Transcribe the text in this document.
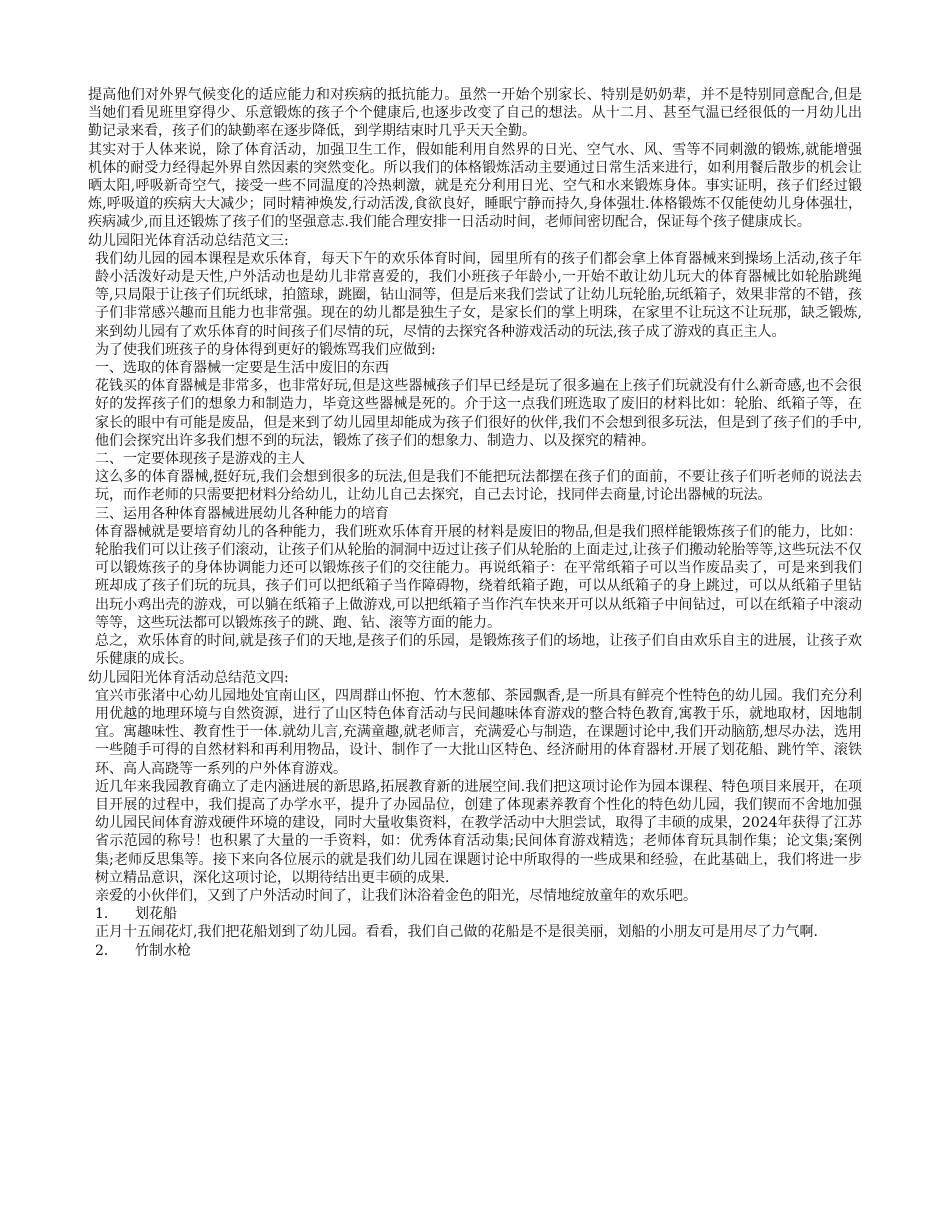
提高他们对外界气候变化的适应能力和对疾病的抵抗能力。虽然一开始个别家长、特别是奶奶辈，并不是特别同意配合,但是当她们看见班里穿得少、乐意锻炼的孩子个个健康后,也逐步改变了自己的想法。从十二月、甚至气温已经很低的一月幼儿出勤记录来看，孩子们的缺勤率在逐步降低，到学期结束时几乎天天全勤。

其实对于人体来说，除了体育活动，加强卫生工作，假如能利用自然界的日光、空气水、风、雪等不同刺激的锻炼,就能增强机体的耐受力经得起外界自然因素的突然变化。所以我们的体格锻炼活动主要通过日常生活来进行，如利用餐后散步的机会让晒太阳,呼吸新奇空气，接受一些不同温度的冷热刺激，就是充分利用日光、空气和水来锻炼身体。事实证明，孩子们经过锻炼,呼吸道的疾病大大减少；同时精神焕发,行动活泼,食欲良好，睡眠宁静而持久,身体强壮.体格锻炼不仅能使幼儿身体强壮，疾病减少,而且还锻炼了孩子们的坚强意志.我们能合理安排一日活动时间，老师间密切配合，保证每个孩子健康成长。

幼儿园阳光体育活动总结范文三:

我们幼儿园的园本课程是欢乐体育，每天下午的欢乐体育时间，园里所有的孩子们都会拿上体育器械来到操场上活动,孩子年龄小活泼好动是天性,户外活动也是幼儿非常喜爱的，我们小班孩子年龄小,一开始不敢让幼儿玩大的体育器械比如轮胎跳绳等,只局限于让孩子们玩纸球，拍篮球，跳圈，钻山洞等，但是后来我们尝试了让幼儿玩轮胎,玩纸箱子，效果非常的不错，孩子们非常感兴趣而且能力也非常强。现在的幼儿都是独生子女，是家长们的掌上明珠，在家里不让玩这不让玩那，缺乏锻炼,来到幼儿园有了欢乐体育的时间孩子们尽情的玩，尽情的去探究各种游戏活动的玩法,孩子成了游戏的真正主人。

为了使我们班孩子的身体得到更好的锻炼骂我们应做到:

一、选取的体育器械一定要是生活中废旧的东西

花钱买的体育器械是非常多，也非常好玩,但是这些器械孩子们早已经是玩了很多遍在上孩子们玩就没有什么新奇感,也不会很好的发挥孩子们的想象力和制造力，毕竟这些器械是死的。介于这一点我们班选取了废旧的材料比如：轮胎、纸箱子等，在家长的眼中有可能是废品，但是来到了幼儿园里却能成为孩子们很好的伙伴,我们不会想到很多玩法，但是到了孩子们的手中,他们会探究出许多我们想不到的玩法，锻炼了孩子们的想象力、制造力、以及探究的精神。

二、一定要体现孩子是游戏的主人

这么多的体育器械,挺好玩,我们会想到很多的玩法,但是我们不能把玩法都摆在孩子们的面前，不要让孩子们听老师的说法去玩，而作老师的只需要把材料分给幼儿，让幼儿自己去探究，自己去讨论，找同伴去商量,讨论出器械的玩法。

三、运用各种体育器械进展幼儿各种能力的培育

体育器械就是要培育幼儿的各种能力，我们班欢乐体育开展的材料是废旧的物品,但是我们照样能锻炼孩子们的能力，比如：轮胎我们可以让孩子们滚动，让孩子们从轮胎的洞洞中迈过让孩子们从轮胎的上面走过,让孩子们搬动轮胎等等,这些玩法不仅可以锻炼孩子的身体协调能力还可以锻炼孩子们的交往能力。再说纸箱子：在平常纸箱子可以当作废品卖了，可是来到我们班却成了孩子们玩的玩具，孩子们可以把纸箱子当作障碍物，绕着纸箱子跑，可以从纸箱子的身上跳过，可以从纸箱子里钻出玩小鸡出壳的游戏，可以躺在纸箱子上做游戏,可以把纸箱子当作汽车快来开可以从纸箱子中间钻过，可以在纸箱子中滚动等等，这些玩法都可以锻炼孩子的跳、跑、钻、滚等方面的能力。

总之，欢乐体育的时间,就是孩子们的天地,是孩子们的乐园，是锻炼孩子们的场地，让孩子们自由欢乐自主的进展，让孩子欢乐健康的成长。

幼儿园阳光体育活动总结范文四:

宜兴市张渚中心幼儿园地处宜南山区，四周群山怀抱、竹木葱郁、茶园飘香,是一所具有鲜亮个性特色的幼儿园。我们充分利用优越的地理环境与自然资源，进行了山区特色体育活动与民间趣味体育游戏的整合特色教育,寓教于乐，就地取材，因地制宜。寓趣味性、教育性于一体.就幼儿言,充满童趣,就老师言，充满爱心与制造，在课题讨论中,我们开动脑筋,想尽办法，选用一些随手可得的自然材料和再利用物品，设计、制作了一大批山区特色、经济耐用的体育器材.开展了划花船、跳竹竿、滚铁环、高人高跷等一系列的户外体育游戏。

近几年来我园教育确立了走内涵进展的新思路,拓展教育新的进展空间.我们把这项讨论作为园本课程、特色项目来展开，在项目开展的过程中，我们提高了办学水平，提升了办园品位，创建了体现素养教育个性化的特色幼儿园，我们锲而不舍地加强幼儿园民间体育游戏硬件环境的建设，同时大量收集资料，在教学活动中大胆尝试，取得了丰硕的成果，2024年获得了江苏省示范园的称号！也积累了大量的一手资料，如：优秀体育活动集;民间体育游戏精选；老师体育玩具制作集；论文集;案例集;老师反思集等。接下来向各位展示的就是我们幼儿园在课题讨论中所取得的一些成果和经验，在此基础上，我们将进一步树立精品意识，深化这项讨论，以期待结出更丰硕的成果.

亲爱的小伙伴们，又到了户外活动时间了，让我们沐浴着金色的阳光，尽情地绽放童年的欢乐吧。

1． 划花船

正月十五闹花灯,我们把花船划到了幼儿园。看看，我们自己做的花船是不是很美丽，划船的小朋友可是用尽了力气啊.

2． 竹制水枪
